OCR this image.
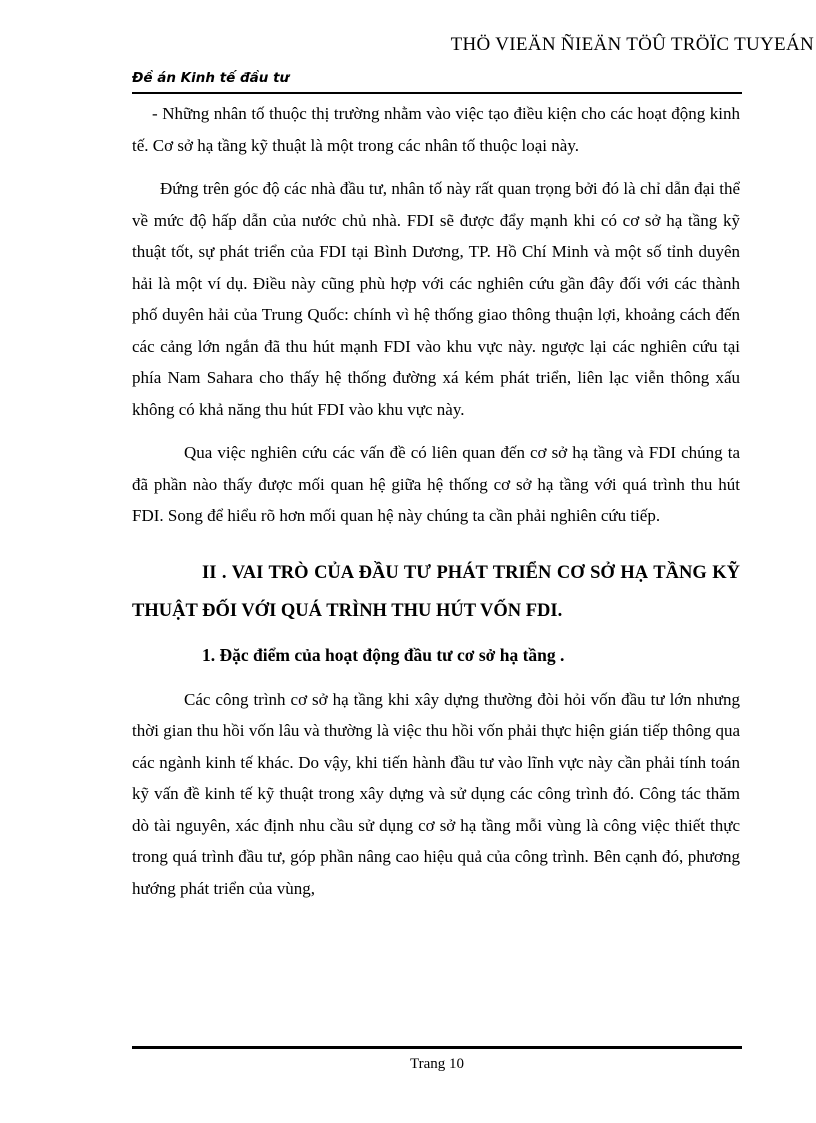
THÖ VIEÄN ÑIEÄN TÖÛ TRÖÏC TUYEÁN
Đề án Kinh tế đầu tư

- Những nhân tố thuộc thị trường nhằm vào việc tạo điều kiện cho các hoạt động kinh tế. Cơ sở hạ tầng kỹ thuật là một trong các nhân tố thuộc loại này.

Đứng trên góc độ các nhà đầu tư, nhân tố này rất quan trọng bởi đó là chỉ dẫn đại thể về mức độ hấp dẫn của nước chủ nhà. FDI sẽ được đẩy mạnh khi có cơ sở hạ tầng kỹ thuật tốt, sự phát triển của FDI tại Bình Dương, TP. Hồ Chí Minh và một số tỉnh duyên hải là một ví dụ. Điều này cũng phù hợp với các nghiên cứu gần đây đối với các thành phố duyên hải của Trung Quốc: chính vì hệ thống giao thông thuận lợi, khoảng cách đến các cảng lớn ngắn đã thu hút mạnh FDI vào khu vực này. ngược lại các nghiên cứu tại phía Nam Sahara cho thấy hệ thống đường xá kém phát triển, liên lạc viễn thông xấu không có khả năng thu hút FDI vào khu vực này.

Qua việc nghiên cứu các vấn đề có liên quan đến cơ sở hạ tầng và FDI chúng ta đã phần nào thấy được mối quan hệ giữa hệ thống cơ sở hạ tầng với quá trình thu hút FDI. Song để hiểu rõ hơn mối quan hệ này chúng ta cần phải nghiên cứu tiếp.

II . VAI TRÒ CỦA ĐẦU TƯ PHÁT TRIỂN CƠ SỞ HẠ TẦNG KỸ THUẬT ĐỐI VỚI QUÁ TRÌNH THU HÚT VỐN FDI.
1. Đặc điểm của hoạt động đầu tư cơ sở hạ tầng .

Các công trình cơ sở hạ tầng khi xây dựng thường đòi hỏi vốn đầu tư lớn nhưng thời gian thu hồi vốn lâu và thường là việc thu hồi vốn phải thực hiện gián tiếp thông qua các ngành kinh tế khác. Do vậy, khi tiến hành đầu tư vào lĩnh vực này cần phải tính toán kỹ vấn đề kinh tế kỹ thuật trong xây dựng và sử dụng các công trình đó. Công tác thăm dò tài nguyên, xác định nhu cầu sử dụng cơ sở hạ tầng mỗi vùng là công việc thiết thực trong quá trình đầu tư, góp phần nâng cao hiệu quả của công trình. Bên cạnh đó, phương hướng phát triển của vùng,

Trang 10
